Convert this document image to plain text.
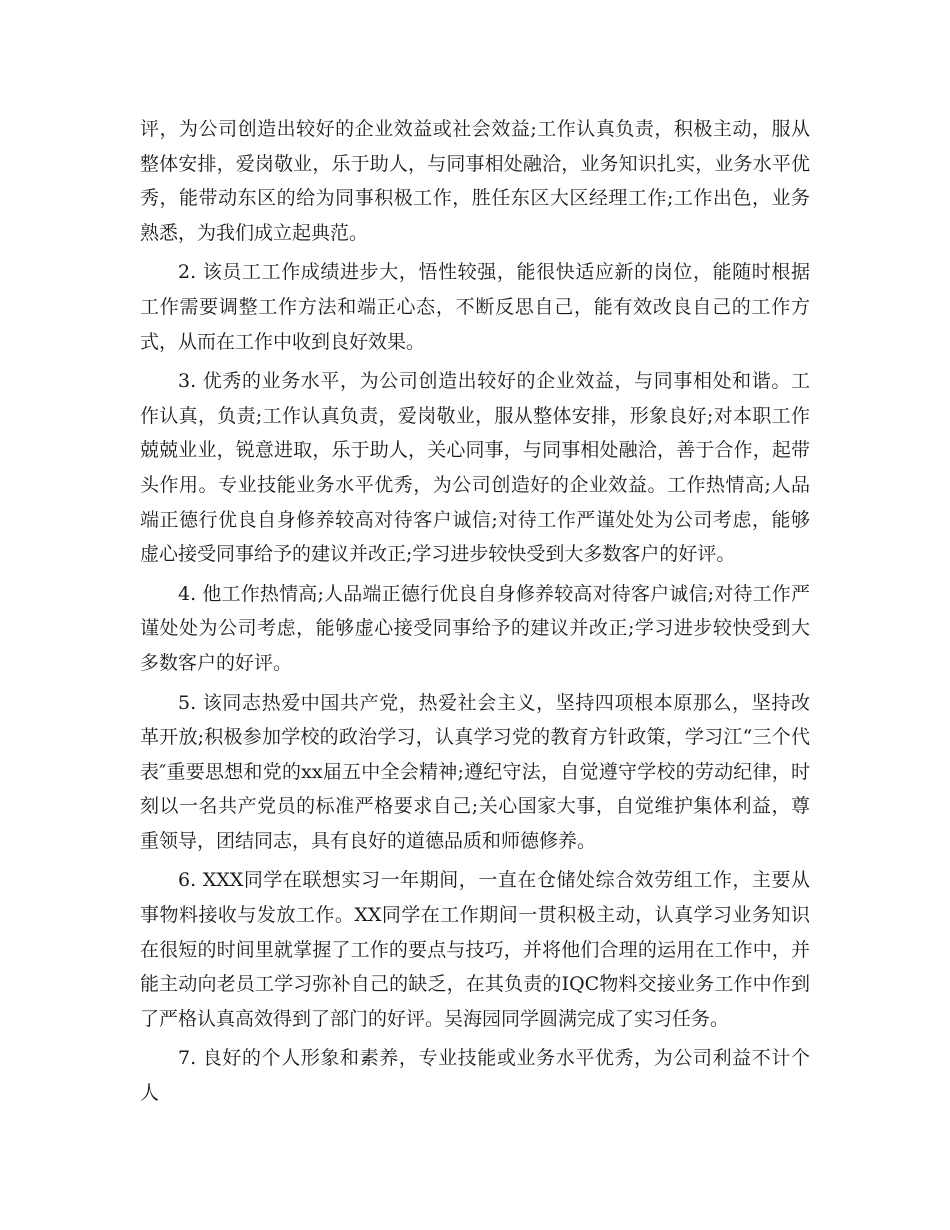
评，为公司创造出较好的企业效益或社会效益;工作认真负责，积极主动，服从整体安排，爱岗敬业，乐于助人，与同事相处融洽，业务知识扎实，业务水平优秀，能带动东区的给为同事积极工作，胜任东区大区经理工作;工作出色，业务熟悉，为我们成立起典范。

2. 该员工工作成绩进步大，悟性较强，能很快适应新的岗位，能随时根据工作需要调整工作方法和端正心态，不断反思自己，能有效改良自己的工作方式，从而在工作中收到良好效果。

3. 优秀的业务水平，为公司创造出较好的企业效益，与同事相处和谐。工作认真，负责;工作认真负责，爱岗敬业，服从整体安排，形象良好;对本职工作兢兢业业，锐意进取，乐于助人，关心同事，与同事相处融洽，善于合作，起带头作用。专业技能业务水平优秀，为公司创造好的企业效益。工作热情高;人品端正德行优良自身修养较高对待客户诚信;对待工作严谨处处为公司考虑，能够虚心接受同事给予的建议并改正;学习进步较快受到大多数客户的好评。

4. 他工作热情高;人品端正德行优良自身修养较高对待客户诚信;对待工作严谨处处为公司考虑，能够虚心接受同事给予的建议并改正;学习进步较快受到大多数客户的好评。

5. 该同志热爱中国共产党，热爱社会主义，坚持四项根本原那么，坚持改革开放;积极参加学校的政治学习，认真学习党的教育方针政策，学习江“三个代表″重要思想和党的xx届五中全会精神;遵纪守法，自觉遵守学校的劳动纪律，时刻以一名共产党员的标准严格要求自己;关心国家大事，自觉维护集体利益，尊重领导，团结同志，具有良好的道德品质和师德修养。

6. XXX同学在联想实习一年期间，一直在仓储处综合效劳组工作，主要从事物料接收与发放工作。XX同学在工作期间一贯积极主动，认真学习业务知识在很短的时间里就掌握了工作的要点与技巧，并将他们合理的运用在工作中，并能主动向老员工学习弥补自己的缺乏，在其负责的IQC物料交接业务工作中作到了严格认真高效得到了部门的好评。吴海园同学圆满完成了实习任务。

7. 良好的个人形象和素养，专业技能或业务水平优秀，为公司利益不计个人
